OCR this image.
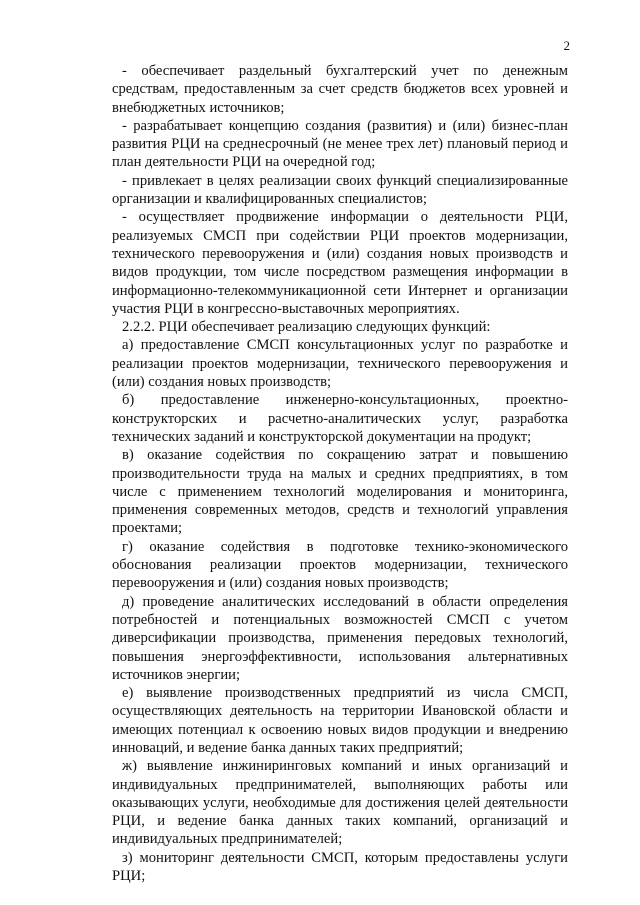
2

- обеспечивает раздельный бухгалтерский учет по денежным средствам, предоставленным за счет средств бюджетов всех уровней и внебюджетных источников;

- разрабатывает концепцию создания (развития) и (или) бизнес-план развития РЦИ на среднесрочный (не менее трех лет) плановый период и план деятельности РЦИ на очередной год;

- привлекает в целях реализации своих функций специализированные организации и квалифицированных специалистов;

- осуществляет продвижение информации о деятельности РЦИ, реализуемых СМСП при содействии РЦИ проектов модернизации, технического перевооружения и (или) создания новых производств и видов продукции, том числе посредством размещения информации в информационно-телекоммуникационной сети Интернет и организации участия РЦИ в конгрессно-выставочных мероприятиях.

2.2.2. РЦИ обеспечивает реализацию следующих функций:

а) предоставление СМСП консультационных услуг по разработке и реализации проектов модернизации, технического перевооружения и (или) создания новых производств;

б) предоставление инженерно-консультационных, проектно-конструкторских и расчетно-аналитических услуг, разработка технических заданий и конструкторской документации на продукт;

в) оказание содействия по сокращению затрат и повышению производительности труда на малых и средних предприятиях, в том числе с применением технологий моделирования и мониторинга, применения современных методов, средств и технологий управления проектами;

г) оказание содействия в подготовке технико-экономического обоснования реализации проектов модернизации, технического перевооружения и (или) создания новых производств;

д) проведение аналитических исследований в области определения потребностей и потенциальных возможностей СМСП с учетом диверсификации производства, применения передовых технологий, повышения энергоэффективности, использования альтернативных источников энергии;

е) выявление производственных предприятий из числа СМСП, осуществляющих деятельность на территории Ивановской области и имеющих потенциал к освоению новых видов продукции и внедрению инноваций, и ведение банка данных таких предприятий;

ж) выявление инжиниринговых компаний и иных организаций и индивидуальных предпринимателей, выполняющих работы или оказывающих услуги, необходимые для достижения целей деятельности РЦИ, и ведение банка данных таких компаний, организаций и индивидуальных предпринимателей;

з) мониторинг деятельности СМСП, которым предоставлены услуги РЦИ;
